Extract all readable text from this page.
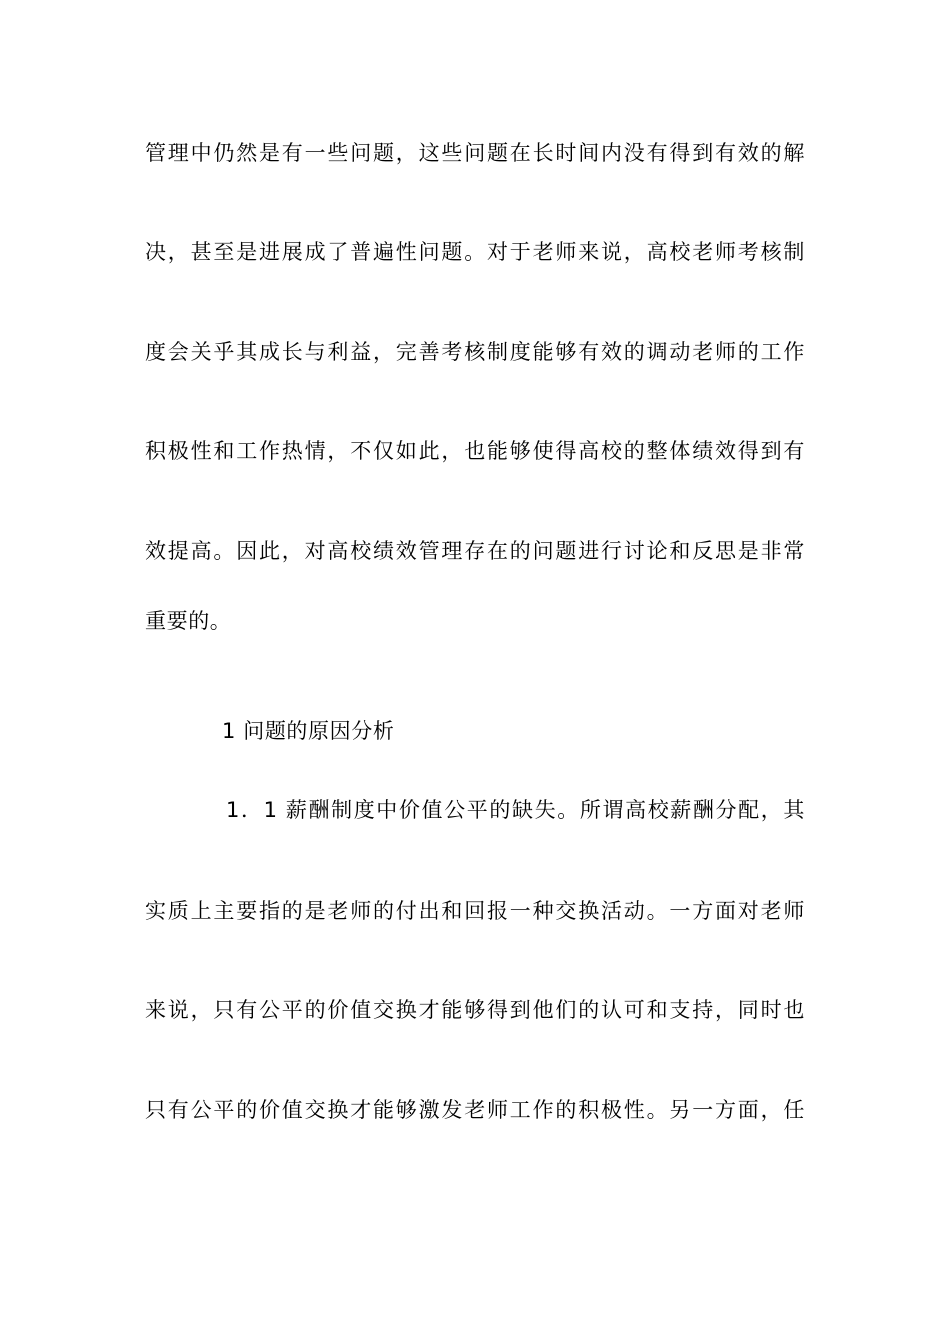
管理中仍然是有一些问题，这些问题在长时间内没有得到有效的解
决，甚至是进展成了普遍性问题。对于老师来说，高校老师考核制
度会关乎其成长与利益，完善考核制度能够有效的调动老师的工作
积极性和工作热情，不仅如此，也能够使得高校的整体绩效得到有
效提高。因此，对高校绩效管理存在的问题进行讨论和反思是非常
重要的。
1 问题的原因分析
1．1 薪酬制度中价值公平的缺失。所谓高校薪酬分配，其
实质上主要指的是老师的付出和回报一种交换活动。一方面对老师
来说，只有公平的价值交换才能够得到他们的认可和支持，同时也
只有公平的价值交换才能够激发老师工作的积极性。另一方面，任
